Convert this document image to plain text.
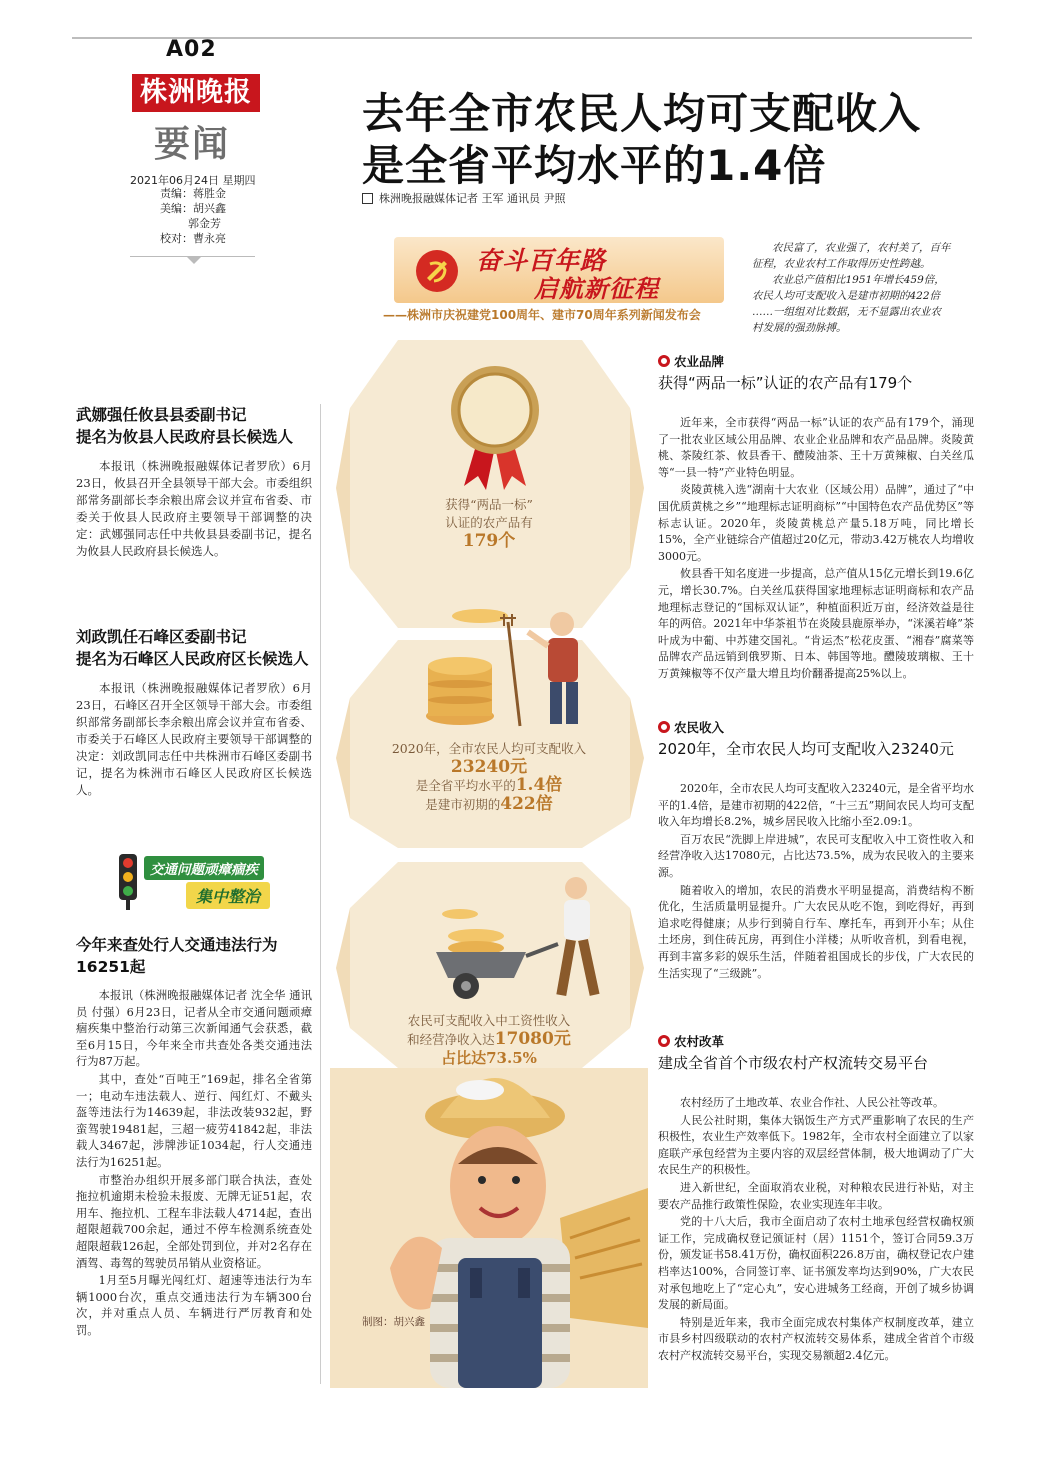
A02
株洲晚报
要闻
2021年06月24日 星期四
责编：蒋胜金
美编：胡兴鑫
郭金芳
校对：曹永亮
去年全市农民人均可支配收入
是全省平均水平的1.4倍
株洲晚报融媒体记者 王军 通讯员 尹照
奋斗百年路
启航新征程
——株洲市庆祝建党100周年、建市70周年系列新闻发布会
农民富了，农业强了，农村美了，百年
征程，农业农村工作取得历史性跨越。
农业总产值相比1951年增长459倍，
农民人均可支配收入是建市初期的422倍
……一组组对比数据，无不显露出农业农
村发展的强劲脉搏。
武娜强任攸县县委副书记
提名为攸县人民政府县长候选人

本报讯（株洲晚报融媒体记者罗欣）6月23日，攸县召开全县领导干部大会。市委组织部常务副部长李余粮出席会议并宣布省委、市委关于攸县人民政府主要领导干部调整的决定：武娜强同志任中共攸县县委副书记，提名为攸县人民政府县长候选人。

刘政凯任石峰区委副书记
提名为石峰区人民政府区长候选人

本报讯（株洲晚报融媒体记者罗欣）6月23日，石峰区召开全区领导干部大会。市委组织部常务副部长李余粮出席会议并宣布省委、市委关于石峰区人民政府主要领导干部调整的决定：刘政凯同志任中共株洲市石峰区委副书记，提名为株洲市石峰区人民政府区长候选人。

交通问题顽瘴痼疾
集中整治
今年来查处行人交通违法行为
16251起

本报讯（株洲晚报融媒体记者 沈全华 通讯员 付强）6月23日，记者从全市交通问题顽瘴痼疾集中整治行动第三次新闻通气会获悉，截至6月15日，今年来全市共查处各类交通违法行为87万起。

其中，查处“百吨王”169起，排名全省第一；电动车违法载人、逆行、闯红灯、不戴头盔等违法行为14639起，非法改装932起，野蛮驾驶19481起，三超一疲劳41842起，非法载人3467起，涉牌涉证1034起，行人交通违法行为16251起。

市整治办组织开展多部门联合执法，查处拖拉机逾期未检验未报废、无牌无证51起，农用车、拖拉机、工程车非法载人4714起，查出超限超载700余起，通过不停车检测系统查处超限超载126起，全部处罚到位，并对2名存在酒驾、毒驾的驾驶员吊销从业资格证。

1月至5月曝光闯红灯、超速等违法行为车辆1000台次，重点交通违法行为车辆300台次，并对重点人员、车辆进行严厉教育和处罚。

获得“两品一标”
认证的农产品有
179个
2020年，全市农民人均可支配收入
23240元
是全省平均水平的1.4倍
是建市初期的422倍
农民可支配收入中工资性收入
和经营净收入达17080元
占比达73.5%
制图：胡兴鑫
农业品牌
获得“两品一标”认证的农产品有179个

近年来，全市获得“两品一标”认证的农产品有179个，涌现了一批农业区域公用品牌、农业企业品牌和农产品品牌。炎陵黄桃、茶陵红茶、攸县香干、醴陵油茶、王十万黄辣椒、白关丝瓜等“一县一特”产业特色明显。

炎陵黄桃入选“湖南十大农业（区域公用）品牌”，通过了“中国优质黄桃之乡”“地理标志证明商标”“中国特色农产品优势区”等标志认证。2020年，炎陵黄桃总产量5.18万吨，同比增长15%，全产业链综合产值超过20亿元，带动3.42万桃农人均增收3000元。

攸县香干知名度进一步提高，总产值从15亿元增长到19.6亿元，增长30.7%。白关丝瓜获得国家地理标志证明商标和农产品地理标志登记的“国标双认证”，种植面积近万亩，经济效益是往年的两倍。2021年中华茶祖节在炎陵县鹿原举办，“洣溪若峰”茶叶成为中葡、中苏建交国礼。“肯运杰”松花皮蛋、“湘春”腐菜等品牌农产品远销到俄罗斯、日本、韩国等地。醴陵玻璃椒、王十万黄辣椒等不仅产量大增且均价翻番提高25%以上。

农民收入
2020年，全市农民人均可支配收入23240元

2020年，全市农民人均可支配收入23240元，是全省平均水平的1.4倍，是建市初期的422倍，“十三五”期间农民人均可支配收入年均增长8.2%，城乡居民收入比缩小至2.09:1。

百万农民“洗脚上岸进城”，农民可支配收入中工资性收入和经营净收入达17080元，占比达73.5%，成为农民收入的主要来源。

随着收入的增加，农民的消费水平明显提高，消费结构不断优化，生活质量明显提升。广大农民从吃不饱，到吃得好，再到追求吃得健康；从步行到骑自行车、摩托车，再到开小车；从住土坯房，到住砖瓦房，再到住小洋楼；从听收音机，到看电视，再到丰富多彩的娱乐生活，伴随着祖国成长的步伐，广大农民的生活实现了“三级跳”。

农村改革
建成全省首个市级农村产权流转交易平台

农村经历了土地改革、农业合作社、人民公社等改革。

人民公社时期，集体大锅饭生产方式严重影响了农民的生产积极性，农业生产效率低下。1982年，全市农村全面建立了以家庭联产承包经营为主要内容的双层经营体制，极大地调动了广大农民生产的积极性。

进入新世纪，全面取消农业税，对种粮农民进行补贴，对主要农产品推行政策性保险，农业实现连年丰收。

党的十八大后，我市全面启动了农村土地承包经营权确权颁证工作，完成确权登记颁证村（居）1151个，签订合同59.3万份，颁发证书58.41万份，确权面积226.8万亩，确权登记农户建档率达100%，合同签订率、证书颁发率均达到90%，广大农民对承包地吃上了“定心丸”，安心进城务工经商，开创了城乡协调发展的新局面。

特别是近年来，我市全面完成农村集体产权制度改革，建立市县乡村四级联动的农村产权流转交易体系，建成全省首个市级农村产权流转交易平台，实现交易额超2.4亿元。
